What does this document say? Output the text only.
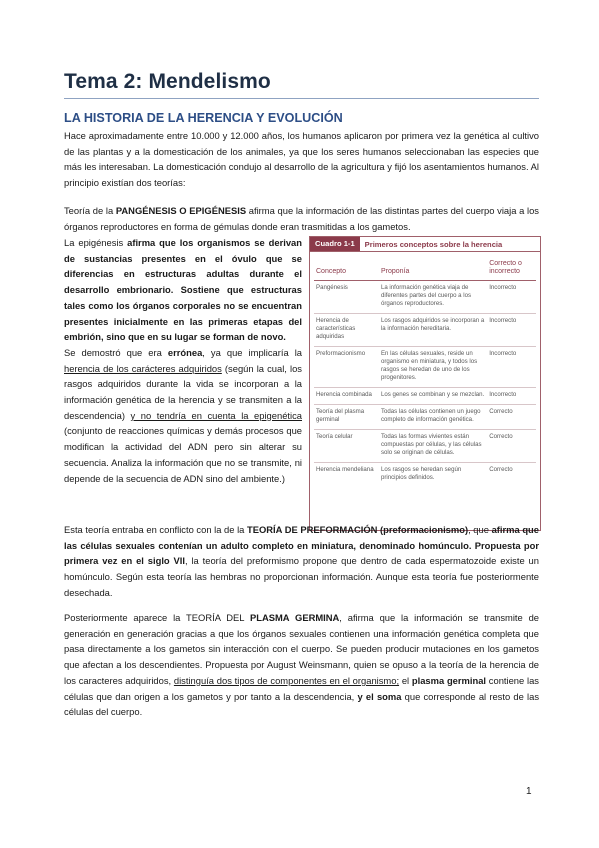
Tema 2: Mendelismo
LA HISTORIA DE LA HERENCIA Y EVOLUCIÓN

Hace aproximadamente entre 10.000 y 12.000 años, los humanos aplicaron por primera vez la genética al cultivo de las plantas y a la domesticación de los animales, ya que los seres humanos seleccionaban las especies que más les interesaban. La domesticación condujo al desarrollo de la agricultura y fijó los asentamientos humanos. Al principio existían dos teorías:

Teoría de la PANGÉNESIS O EPIGÉNESIS afirma que la información de las distintas partes del cuerpo viaja a los órganos reproductores en forma de gémulas donde eran trasmitidas a los gametos.

La epigénesis afirma que los organismos se derivan de sustancias presentes en el óvulo que se diferencias en estructuras adultas durante el desarrollo embrionario. Sostiene que estructuras tales como los órganos corporales no se encuentran presentes inicialmente en las primeras etapas del embrión, sino que en su lugar se forman de novo.

Se demostró que era errónea, ya que implicaría la herencia de los carácteres adquiridos (según la cual, los rasgos adquiridos durante la vida se incorporan a la información genética de la herencia y se transmiten a la descendencia) y no tendría en cuenta la epigenética (conjunto de reacciones químicas y demás procesos que modifican la actividad del ADN pero sin alterar su secuencia. Analiza la información que no se transmite, ni depende de la secuencia de ADN sino del ambiente.)

Cuadro 1-1	Primeros conceptos sobre la herencia
Concepto	Proponía	Correcto o incorrecto
Pangénesis	La información genética viaja de diferentes partes del cuerpo a los órganos reproductores.	Incorrecto
Herencia de características adquiridas	Los rasgos adquiridos se incorporan a la información hereditaria.	Incorrecto
Preformacionismo	En las células sexuales, reside un organismo en miniatura, y todos los rasgos se heredan de uno de los progenitores.	Incorrecto
Herencia combinada	Los genes se combinan y se mezclan.	Incorrecto
Teoría del plasma germinal	Todas las células contienen un juego completo de información genética.	Correcto
Teoría celular	Todas las formas vivientes están compuestas por células, y las células solo se originan de células.	Correcto
Herencia mendeliana	Los rasgos se heredan según principios definidos.	Correcto

Esta teoría entraba en conflicto con la de la TEORÍA DE PREFORMACIÓN (preformacionismo), que afirma que las células sexuales contenían un adulto completo en miniatura, denominado homúnculo. Propuesta por primera vez en el siglo VII, la teoría del preformismo propone que dentro de cada espermatozoide existe un homúnculo. Según esta teoría las hembras no proporcionan información. Aunque esta teoría fue posteriormente desechada.

Posteriormente aparece la TEORÍA DEL PLASMA GERMINA, afirma que la información se transmite de generación en generación gracias a que los órganos sexuales contienen una información genética completa que pasa directamente a los gametos sin interacción con el cuerpo. Se pueden producir mutaciones en los gametos que afectan a los descendientes. Propuesta por August Weinsmann, quien se opuso a la teoría de la herencia de los caracteres adquiridos, distinguía dos tipos de componentes en el organismo; el plasma germinal contiene las células que dan origen a los gametos y por tanto a la descendencia, y el soma que corresponde al resto de las células del cuerpo.

1
